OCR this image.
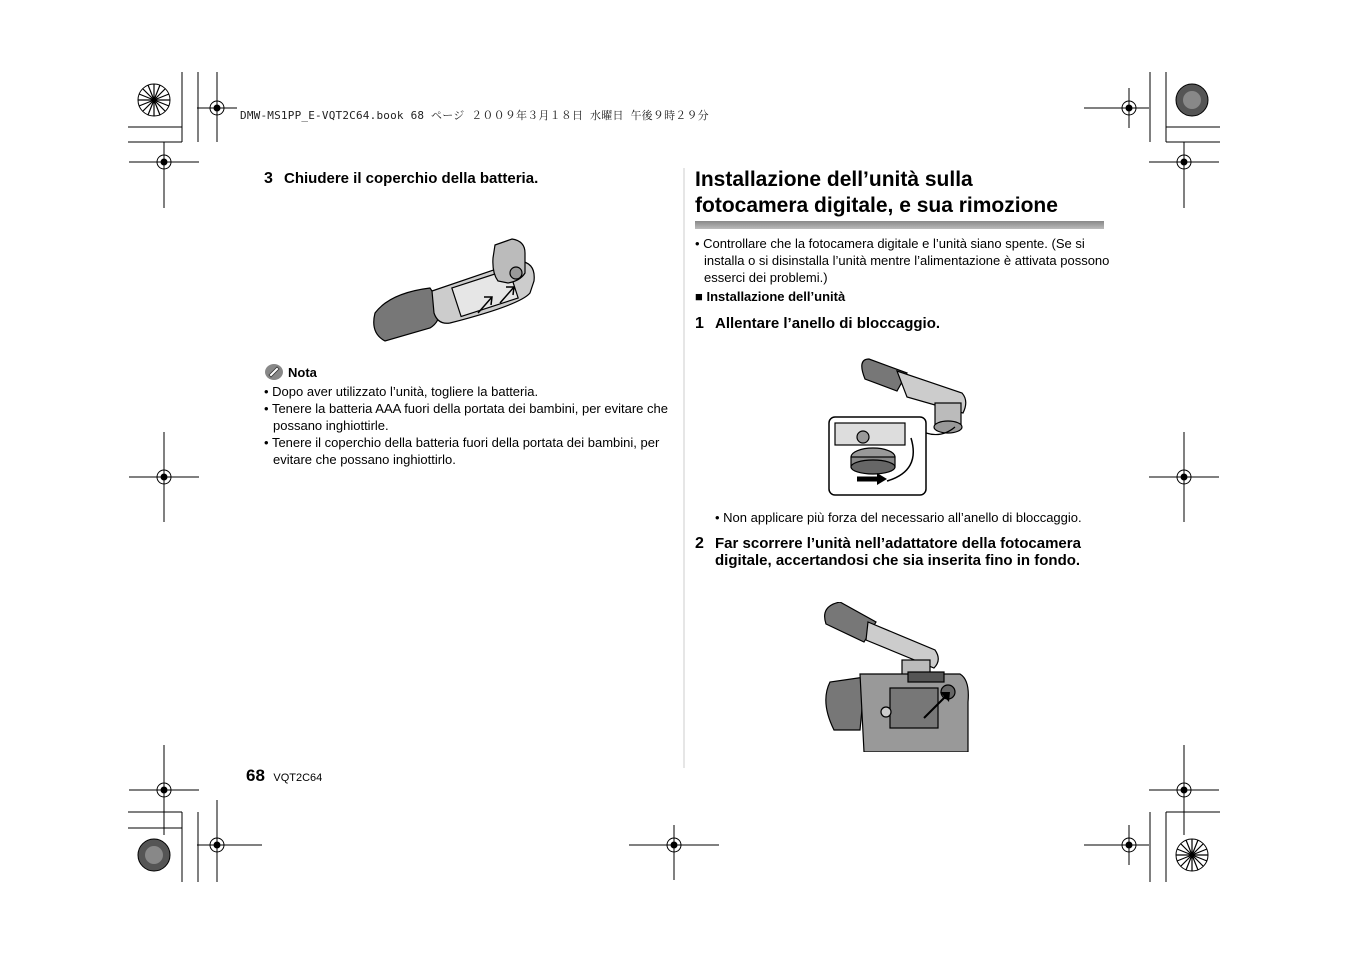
DMW-MS1PP_E-VQT2C64.book 68 ページ ２００９年３月１８日 水曜日 午後９時２９分
3 Chiudere il coperchio della batteria.
Nota
• Dopo aver utilizzato l’unità, togliere la batteria.
• Tenere la batteria AAA fuori della portata dei bambini, per evitare che possano inghiottirle.
• Tenere il coperchio della batteria fuori della portata dei bambini, per evitare che possano inghiottirlo.
68 VQT2C64
Installazione dell’unità sulla
fotocamera digitale, e sua rimozione
• Controllare che la fotocamera digitale e l’unità siano spente. (Se si installa o si disinstalla l’unità mentre l’alimentazione è attivata possono esserci dei problemi.)
■ Installazione dell’unità
1 Allentare l’anello di bloccaggio.
• Non applicare più forza del necessario all’anello di bloccaggio.
2 Far scorrere l’unità nell’adattatore della fotocamera digitale, accertandosi che sia inserita fino in fondo.
